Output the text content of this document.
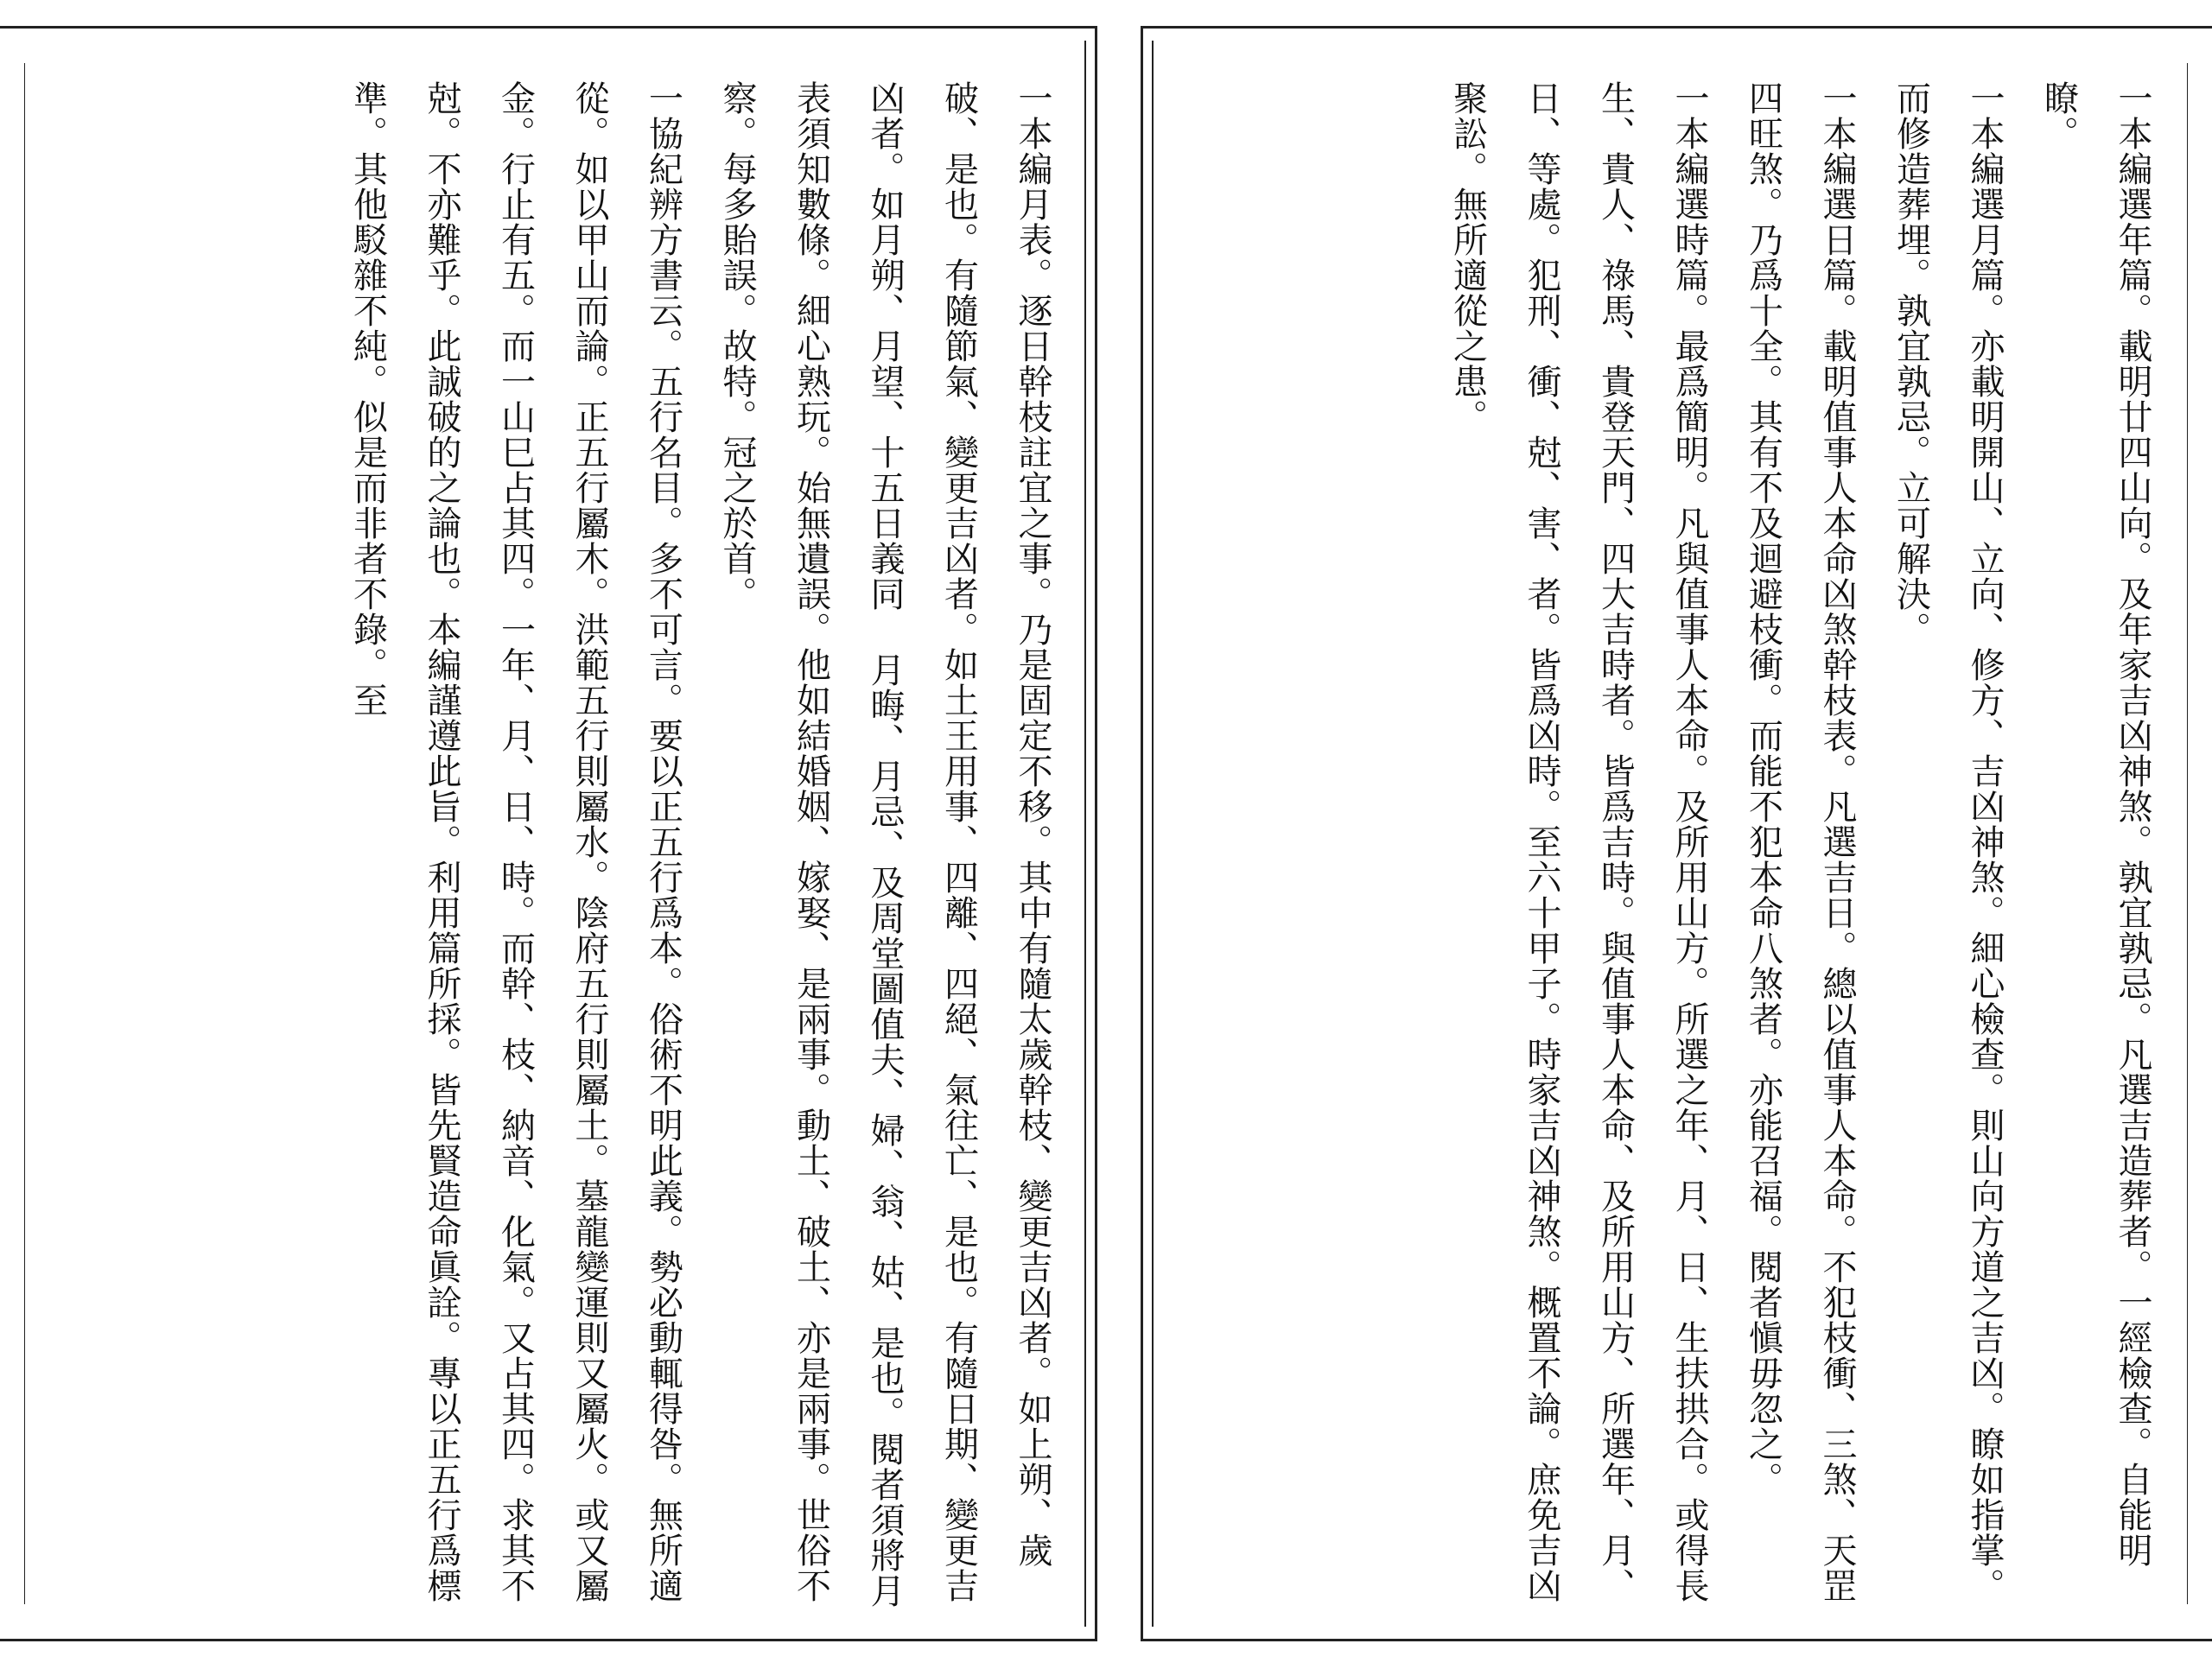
一本編月表。逐日幹枝註宜之事。乃是固定不移。其中有隨太歲幹枝、變更吉凶者。如上朔、歲破、是也。有隨節氣、變更吉凶者。如土王用事、四離、四絕、氣往亡、是也。有隨日期、變更吉凶者。如月朔、月望、十五日義同 月晦、月忌、及周堂圖值夫、婦、翁、姑、是也。閱者須將月表須知數條。細心熟玩。始無遺誤。他如結婚姻、嫁娶、是兩事。動土、破土、亦是兩事。世俗不察。每多貽誤。故特。冠之於首。
一協紀辨方書云。五行名目。多不可言。要以正五行爲本。俗術不明此義。勢必動輒得咎。無所適從。如以甲山而論。正五行屬木。洪範五行則屬水。陰府五行則屬土。墓龍變運則又屬火。或又屬金。行止有五。而一山巳占其四。一年、月、日、時。而幹、枝、納音、化氣。又占其四。求其不尅。不亦難乎。此誠破的之論也。本編謹遵此旨。利用篇所採。皆先賢造命眞詮。專以正五行爲標準。其他駁雜不純。似是而非者不錄。至	一本編選年篇。載明廿四山向。及年家吉凶神煞。孰宜孰忌。凡選吉造葬者。一經檢查。自能明瞭。
一本編選月篇。亦載明開山、立向、修方、吉凶神煞。細心檢查。則山向方道之吉凶。瞭如指掌。而修造葬埋。孰宜孰忌。立可解決。
一本編選日篇。載明值事人本命凶煞幹枝表。凡選吉日。總以值事人本命。不犯枝衝、三煞、天罡四旺煞。乃爲十全。其有不及迴避枝衝。而能不犯本命八煞者。亦能召福。閱者愼毋忽之。
一本編選時篇。最爲簡明。凡與值事人本命。及所用山方。所選之年、月、日、生扶拱合。或得長生、貴人、祿馬、貴登天門、四大吉時者。皆爲吉時。與值事人本命、及所用山方、所選年、月、日、等處。犯刑、衝、尅、害、者。皆爲凶時。至六十甲子。時家吉凶神煞。概置不論。庶免吉凶聚訟。無所適從之患。
